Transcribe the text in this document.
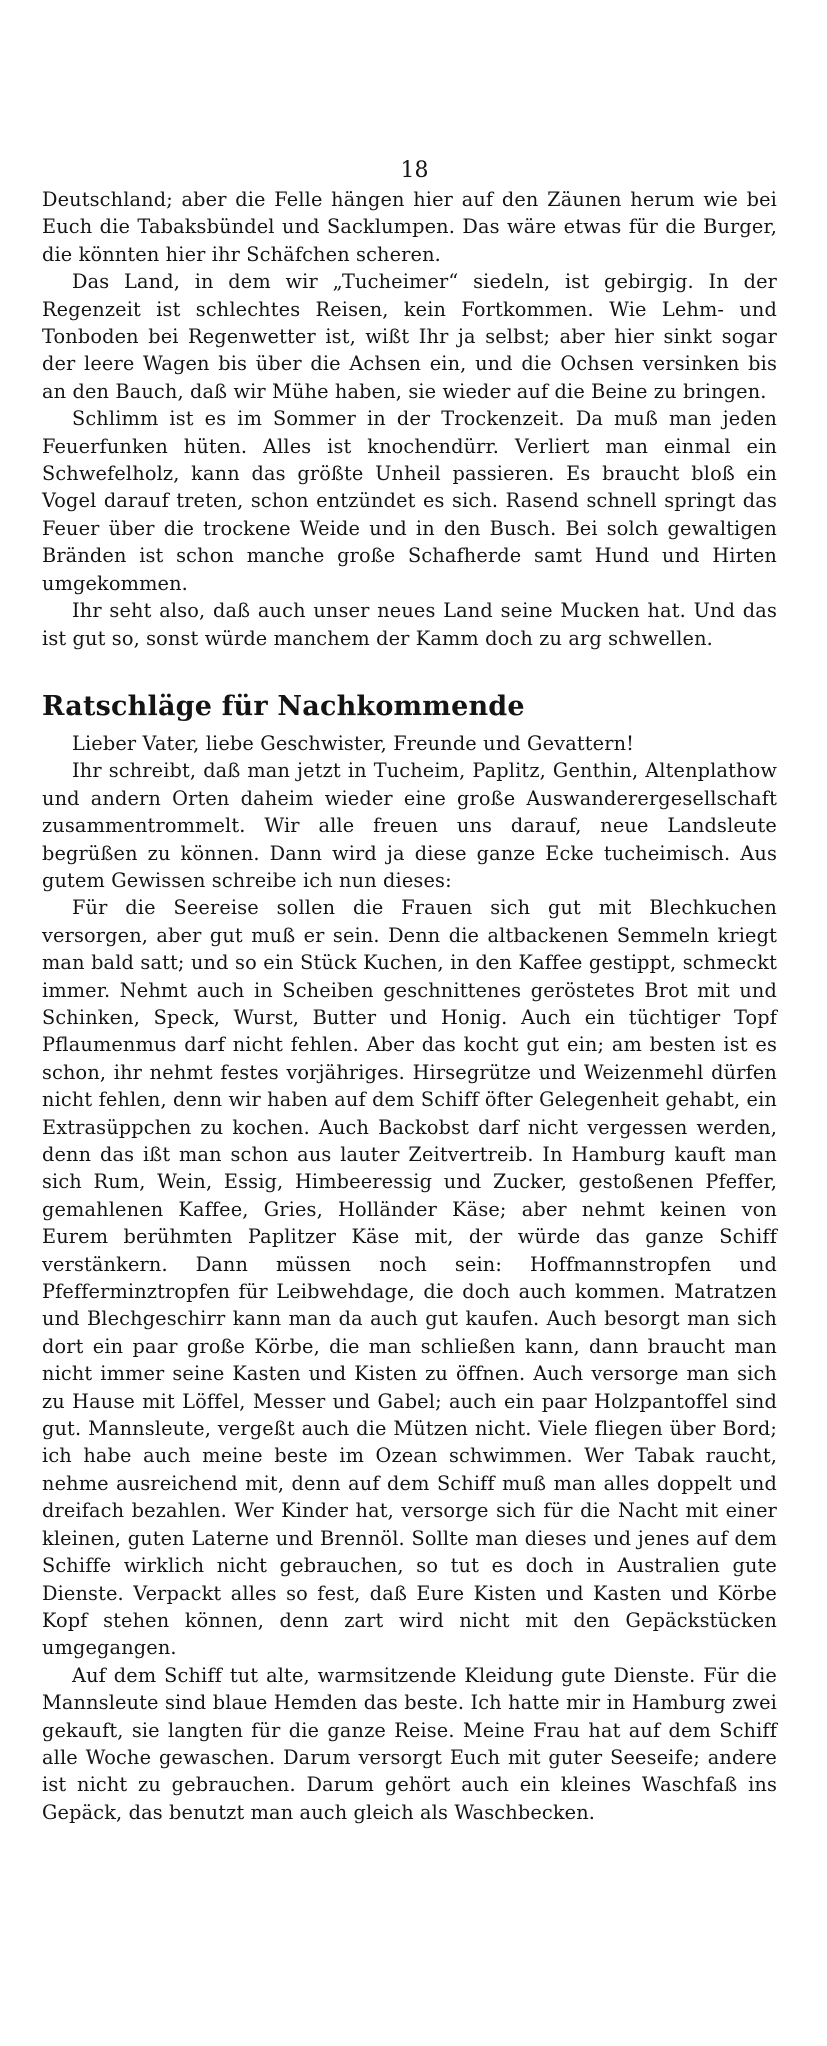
18

Deutschland; aber die Felle hängen hier auf den Zäunen herum wie bei Euch die Tabaksbündel und Sacklumpen. Das wäre etwas für die Burger, die könnten hier ihr Schäfchen scheren.

Das Land, in dem wir „Tucheimer“ siedeln, ist gebirgig. In der Regenzeit ist schlechtes Reisen, kein Fortkommen. Wie Lehm- und Tonboden bei Regenwetter ist, wißt Ihr ja selbst; aber hier sinkt sogar der leere Wagen bis über die Achsen ein, und die Ochsen versinken bis an den Bauch, daß wir Mühe haben, sie wieder auf die Beine zu bringen.

Schlimm ist es im Sommer in der Trockenzeit. Da muß man jeden Feuerfunken hüten. Alles ist knochendürr. Verliert man einmal ein Schwefelholz, kann das größte Unheil passieren. Es braucht bloß ein Vogel darauf treten, schon entzündet es sich. Rasend schnell springt das Feuer über die trockene Weide und in den Busch. Bei solch gewaltigen Bränden ist schon manche große Schafherde samt Hund und Hirten umgekommen.

Ihr seht also, daß auch unser neues Land seine Mucken hat. Und das ist gut so, sonst würde manchem der Kamm doch zu arg schwellen.

Ratschläge für Nachkommende

Lieber Vater, liebe Geschwister, Freunde und Gevattern!

Ihr schreibt, daß man jetzt in Tucheim, Paplitz, Genthin, Altenplathow und andern Orten daheim wieder eine große Auswanderergesellschaft zusammentrommelt. Wir alle freuen uns darauf, neue Landsleute begrüßen zu können. Dann wird ja diese ganze Ecke tucheimisch. Aus gutem Gewissen schreibe ich nun dieses:

Für die Seereise sollen die Frauen sich gut mit Blechkuchen versorgen, aber gut muß er sein. Denn die altbackenen Semmeln kriegt man bald satt; und so ein Stück Kuchen, in den Kaffee gestippt, schmeckt immer. Nehmt auch in Scheiben geschnittenes geröstetes Brot mit und Schinken, Speck, Wurst, Butter und Honig. Auch ein tüchtiger Topf Pflaumenmus darf nicht fehlen. Aber das kocht gut ein; am besten ist es schon, ihr nehmt festes vorjähriges. Hirsegrütze und Weizenmehl dürfen nicht fehlen, denn wir haben auf dem Schiff öfter Gelegenheit gehabt, ein Extrasüppchen zu kochen. Auch Backobst darf nicht vergessen werden, denn das ißt man schon aus lauter Zeitvertreib. In Hamburg kauft man sich Rum, Wein, Essig, Himbeeressig und Zucker, gestoßenen Pfeffer, gemahlenen Kaffee, Gries, Holländer Käse; aber nehmt keinen von Eurem berühmten Paplitzer Käse mit, der würde das ganze Schiff verstänkern. Dann müssen noch sein: Hoffmannstropfen und Pfefferminztropfen für Leibwehdage, die doch auch kommen. Matratzen und Blechgeschirr kann man da auch gut kaufen. Auch besorgt man sich dort ein paar große Körbe, die man schließen kann, dann braucht man nicht immer seine Kasten und Kisten zu öffnen. Auch versorge man sich zu Hause mit Löffel, Messer und Gabel; auch ein paar Holzpantoffel sind gut. Mannsleute, vergeßt auch die Mützen nicht. Viele fliegen über Bord; ich habe auch meine beste im Ozean schwimmen. Wer Tabak raucht, nehme ausreichend mit, denn auf dem Schiff muß man alles doppelt und dreifach bezahlen. Wer Kinder hat, versorge sich für die Nacht mit einer kleinen, guten Laterne und Brennöl. Sollte man dieses und jenes auf dem Schiffe wirklich nicht gebrauchen, so tut es doch in Australien gute Dienste. Verpackt alles so fest, daß Eure Kisten und Kasten und Körbe Kopf stehen können, denn zart wird nicht mit den Gepäckstücken umgegangen.

Auf dem Schiff tut alte, warmsitzende Kleidung gute Dienste. Für die Mannsleute sind blaue Hemden das beste. Ich hatte mir in Hamburg zwei gekauft, sie langten für die ganze Reise. Meine Frau hat auf dem Schiff alle Woche gewaschen. Darum versorgt Euch mit guter Seeseife; andere ist nicht zu gebrauchen. Darum gehört auch ein kleines Waschfaß ins Gepäck, das benutzt man auch gleich als Waschbecken.
